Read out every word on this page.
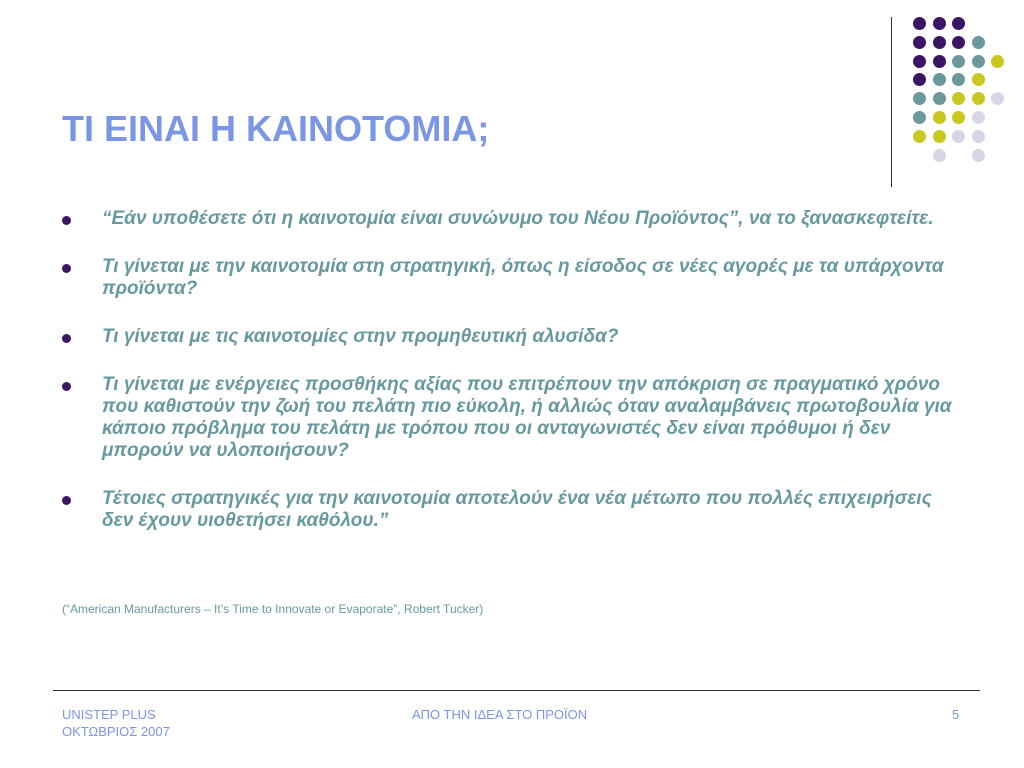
ΤΙ ΕΙΝΑΙ Η ΚΑΙΝΟΤΟΜΙΑ;
“Εάν υποθέσετε ότι η καινοτομία είναι συνώνυμο του Νέου Προϊόντος”, να το ξανασκεφτείτε.
Τι γίνεται με την καινοτομία στη στρατηγική, όπως η είσοδος σε νέες αγορές με τα υπάρχοντα προϊόντα?
Τι γίνεται με τις καινοτομίες στην προμηθευτική αλυσίδα?
Τι γίνεται με ενέργειες προσθήκης αξίας που επιτρέπουν την απόκριση σε πραγματικό χρόνο που καθιστούν την ζωή του πελάτη πιο εύκολη, ή αλλιώς όταν αναλαμβάνεις πρωτοβουλία για κάποιο πρόβλημα του πελάτη με τρόπου που οι ανταγωνιστές δεν είναι πρόθυμοι ή δεν μπορούν να υλοποιήσουν?
Τέτοιες στρατηγικές για την καινοτομία αποτελούν ένα νέα μέτωπο που πολλές επιχειρήσεις δεν έχουν υιοθετήσει καθόλου.”
(“American Manufacturers – It’s Time to Innovate or Evaporate”, Robert Tucker)
UNISTEP PLUS
ΟΚΤΩΒΡΙΟΣ 2007
ΑΠΟ ΤΗΝ ΙΔΕΑ ΣΤΟ ΠΡΟΪΟΝ	5
